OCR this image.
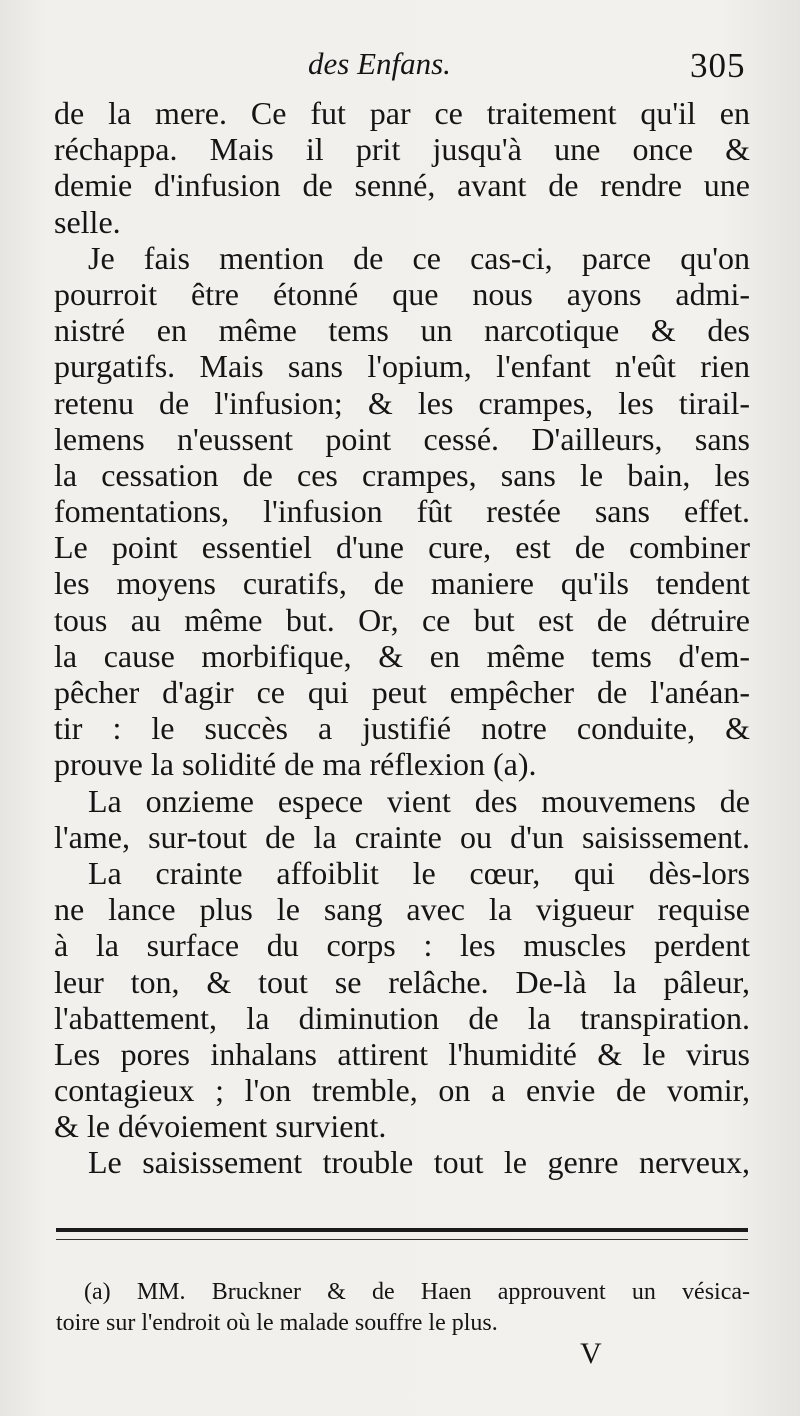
des Enfans.	305
de la mere. Ce fut par ce traitement qu'il en
réchappa. Mais il prit jusqu'à une once &
demie d'infusion de senné, avant de rendre une
selle.
Je fais mention de ce cas-ci, parce qu'on
pourroit être étonné que nous ayons admi-
nistré en même tems un narcotique & des
purgatifs. Mais sans l'opium, l'enfant n'eût rien
retenu de l'infusion; & les crampes, les tirail-
lemens n'eussent point cessé. D'ailleurs, sans
la cessation de ces crampes, sans le bain, les
fomentations, l'infusion fût restée sans effet.
Le point essentiel d'une cure, est de combiner
les moyens curatifs, de maniere qu'ils tendent
tous au même but. Or, ce but est de détruire
la cause morbifique, & en même tems d'em-
pêcher d'agir ce qui peut empêcher de l'anéan-
tir : le succès a justifié notre conduite, &
prouve la solidité de ma réflexion (a).
La onzieme espece vient des mouvemens de
l'ame, sur-tout de la crainte ou d'un saisissement.
La crainte affoiblit le cœur, qui dès-lors
ne lance plus le sang avec la vigueur requise
à la surface du corps : les muscles perdent
leur ton, & tout se relâche. De-là la pâleur,
l'abattement, la diminution de la transpiration.
Les pores inhalans attirent l'humidité & le virus
contagieux ; l'on tremble, on a envie de vomir,
& le dévoiement survient.
Le saisissement trouble tout le genre nerveux,
(a) MM. Bruckner & de Haen approuvent un vésica-
toire sur l'endroit où le malade souffre le plus.
V
